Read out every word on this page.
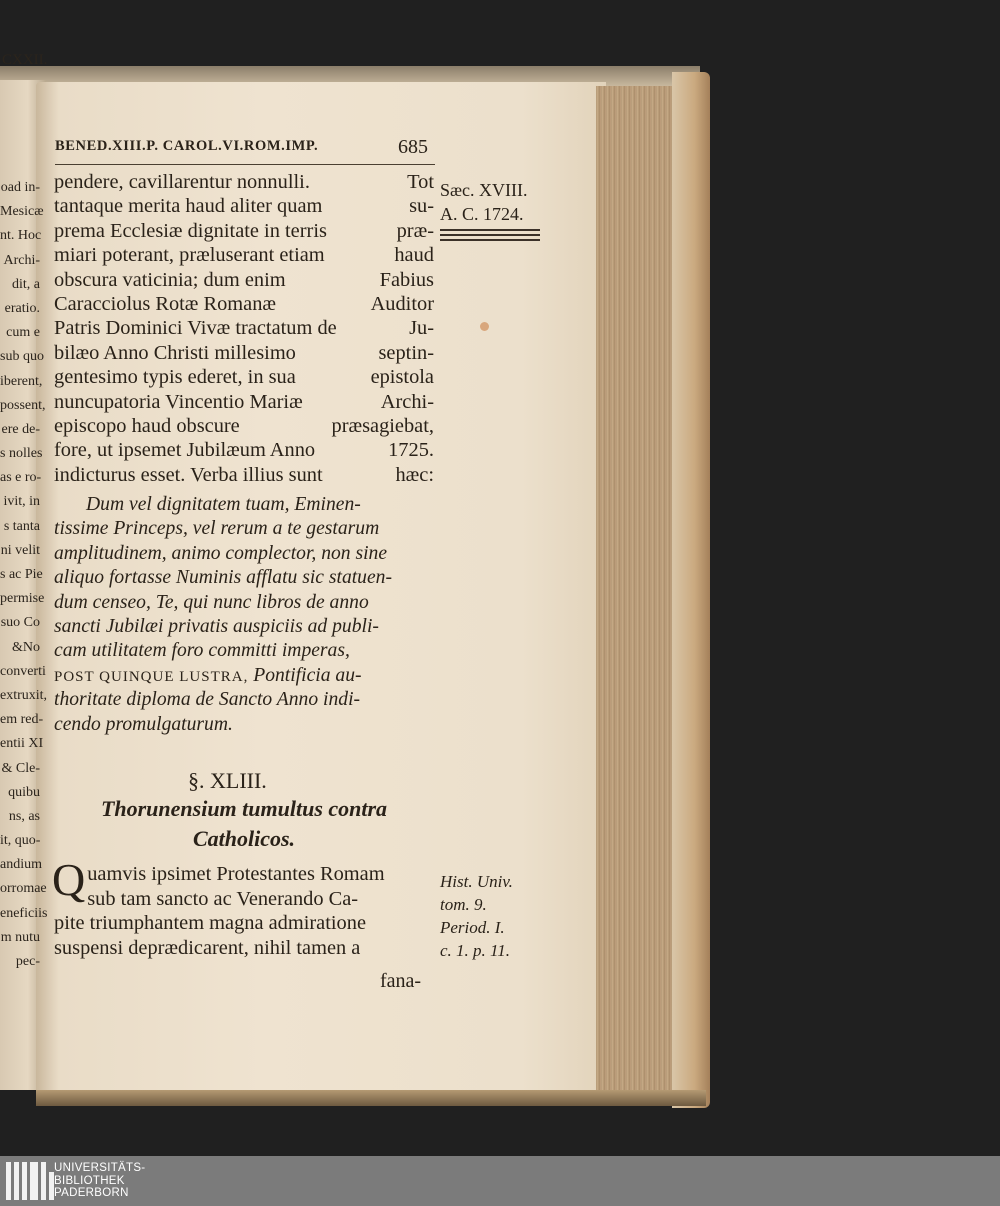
CXXII.
oad in-
Mesicæ
nt. Hoc
Archi-
dit, a
eratio.
cum e
sub quo
iberent,
possent,
ere de-
s nolles
as e ro-
ivit, in
s tanta
ni velit
s ac Pie
permise
suo Co
&No
converti
extruxit,
em red-
entii XI
& Cle-
quibu
ns, as
it, quo-
andium
orromae
eneficiis
m nutu
pec-
BENED.XIII.P. CAROL.VI.ROM.IMP.	685
pendere, cavillarentur nonnulli.	Tot
tantaque merita haud aliter quam	su-
prema Ecclesiæ dignitate in terris	præ-
miari poterant, præluserant etiam	haud
obscura vaticinia; dum enim	Fabius
Caracciolus Rotæ Romanæ	Auditor
Patris Dominici Vivæ tractatum de	Ju-
bilæo Anno Christi millesimo	septin-
gentesimo typis ederet, in sua	epistola
nuncupatoria Vincentio Mariæ	Archi-
episcopo haud obscure	præsagiebat,
fore, ut ipsemet Jubilæum Anno	1725.
indicturus esset. Verba illius sunt	hæc:
Dum vel dignitatem tuam, Eminen-
tissime Princeps, vel rerum a te gestarum
amplitudinem, animo complector, non sine
aliquo fortasse Numinis afflatu sic statuen-
dum censeo, Te, qui nunc libros de anno
sancti Jubilæi privatis auspiciis ad publi-
cam utilitatem foro committi imperas,
POST QUINQUE LUSTRA, Pontificia au-
thoritate diploma de Sancto Anno indi-
cendo promulgaturum.
§. XLIII.
Thorunensium tumultus contra
Catholicos.
Quamvis ipsimet Protestantes Romam
sub tam sancto ac Venerando Ca-
pite triumphantem magna admiratione
suspensi deprædicarent, nihil tamen a
fana-
Sæc. XVIII.
A. C. 1724.
Hist. Univ.
tom. 9.
Period. I.
c. 1. p. 11.
UNIVERSITÄTS-
BIBLIOTHEK
PADERBORN
